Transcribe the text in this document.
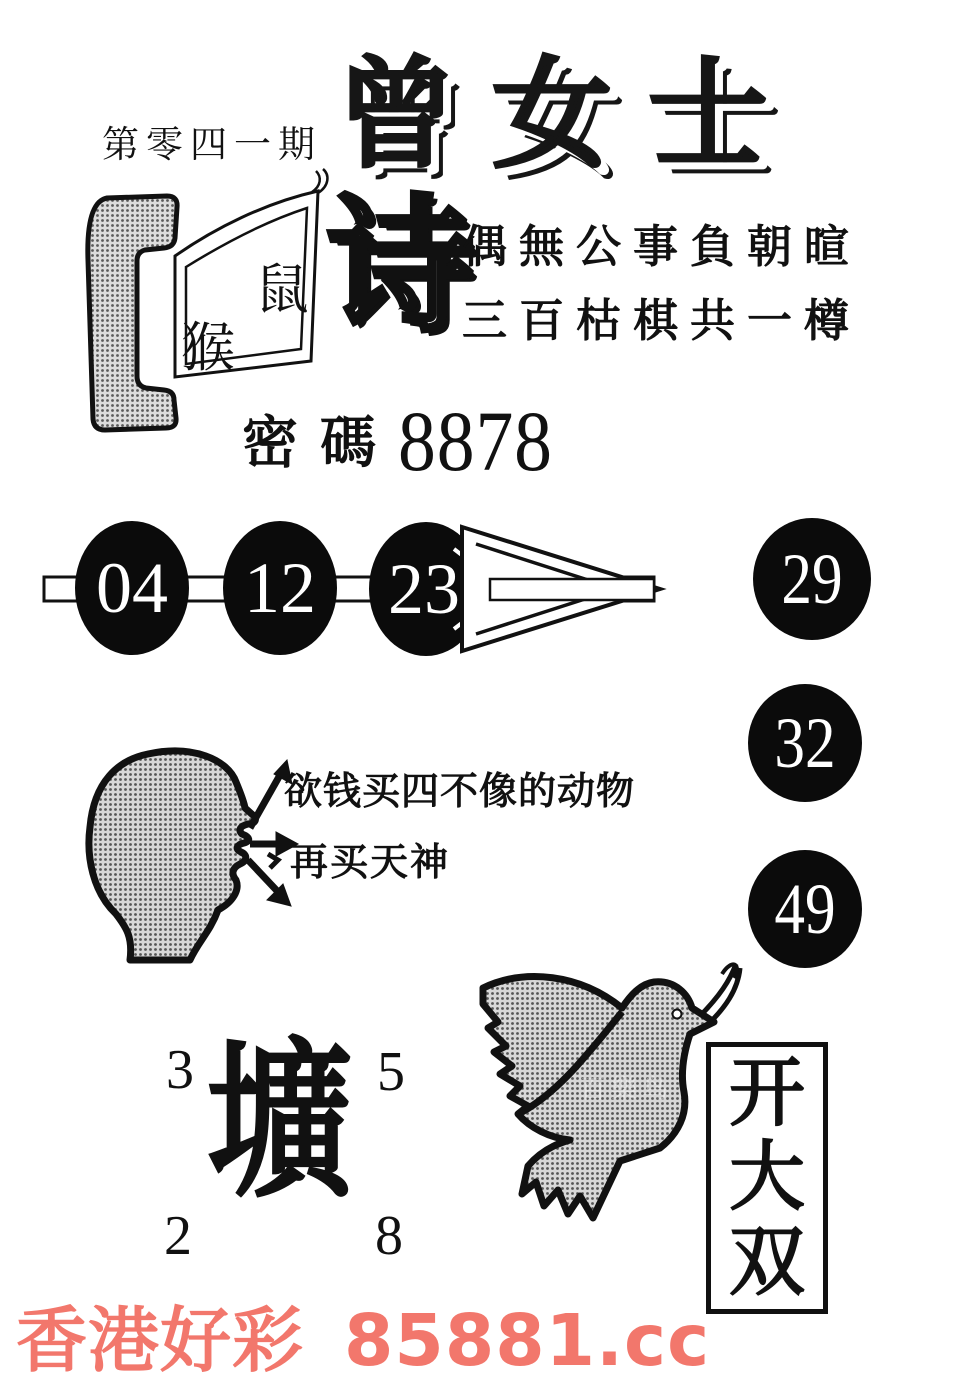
第零四一期 曾女士
鼠
猴 诗
偶無公事負朝暄
三百枯棋共一樽
密碼 8878
04 12 23	29
32
49
欲钱买四不像的动物
再买天神
3	5
2	8
壙	百樂鸟 开
大
双
香港好彩 85881.cc
